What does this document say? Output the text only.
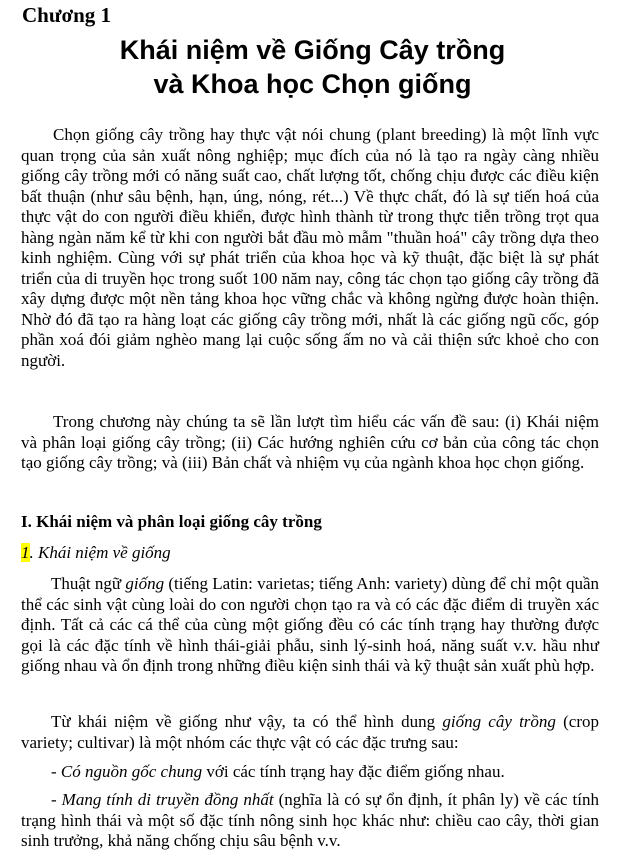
Chương 1
Khái niệm về Giống Cây trồng
và Khoa học Chọn giống
Chọn giống cây trồng hay thực vật nói chung (plant breeding) là một lĩnh vực quan trọng của sản xuất nông nghiệp; mục đích của nó là tạo ra ngày càng nhiều giống cây trồng mới có năng suất cao, chất lượng tốt, chống chịu được các điều kiện bất thuận (như sâu bệnh, hạn, úng, nóng, rét...) Về thực chất, đó là sự tiến hoá của thực vật do con người điều khiển, được hình thành từ trong thực tiễn trồng trọt qua hàng ngàn năm kể từ khi con người bắt đầu mò mẫm "thuần hoá" cây trồng dựa theo kinh nghiệm. Cùng với sự phát triển của khoa học và kỹ thuật, đặc biệt là sự phát triển của di truyền học trong suốt 100 năm nay, công tác chọn tạo giống cây trồng đã xây dựng được một nền tảng khoa học vững chắc và không ngừng được hoàn thiện. Nhờ đó đã tạo ra hàng loạt các giống cây trồng mới, nhất là các giống ngũ cốc, góp phần xoá đói giảm nghèo mang lại cuộc sống ấm no và cải thiện sức khoẻ cho con người.
Trong chương này chúng ta sẽ lần lượt tìm hiểu các vấn đề sau: (i) Khái niệm và phân loại giống cây trồng; (ii) Các hướng nghiên cứu cơ bản của công tác chọn tạo giống cây trồng; và (iii) Bản chất và nhiệm vụ của ngành khoa học chọn giống.
I. Khái niệm và phân loại giống cây trồng
1. Khái niệm về giống
Thuật ngữ giống (tiếng Latin: varietas; tiếng Anh: variety) dùng để chỉ một quần thể các sinh vật cùng loài do con người chọn tạo ra và có các đặc điểm di truyền xác định. Tất cả các cá thể của cùng một giống đều có các tính trạng hay thường được gọi là các đặc tính về hình thái-giải phẫu, sinh lý-sinh hoá, năng suất v.v. hầu như giống nhau và ổn định trong những điều kiện sinh thái và kỹ thuật sản xuất phù hợp.
Từ khái niệm về giống như vậy, ta có thể hình dung giống cây trồng (crop variety; cultivar) là một nhóm các thực vật có các đặc trưng sau:
- Có nguồn gốc chung với các tính trạng hay đặc điểm giống nhau.
- Mang tính di truyền đồng nhất (nghĩa là có sự ổn định, ít phân ly) về các tính trạng hình thái và một số đặc tính nông sinh học khác như: chiều cao cây, thời gian sinh trưởng, khả năng chống chịu sâu bệnh v.v.
